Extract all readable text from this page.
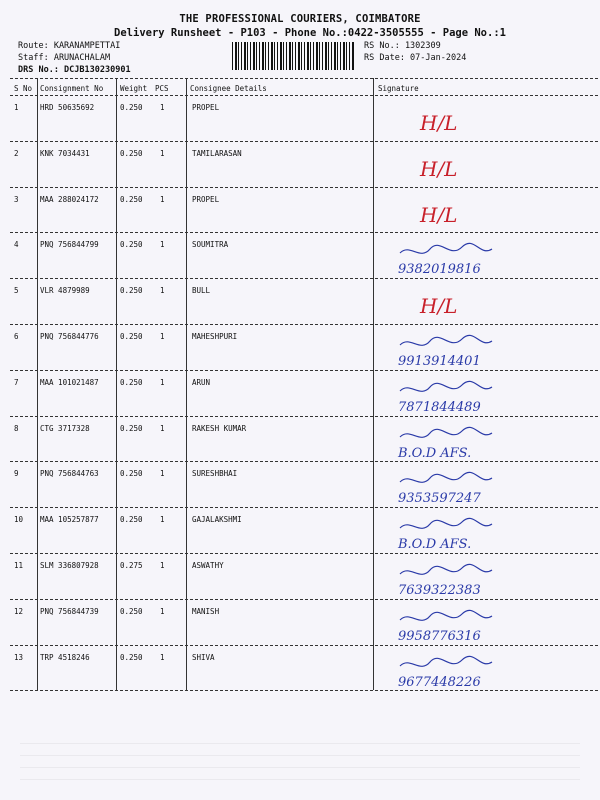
THE PROFESSIONAL COURIERS, COIMBATORE
Delivery Runsheet - P103 - Phone No.:0422-3505555 - Page No.:1
Route: KARANAMPETTAI
Staff: ARUNACHALAM
DRS No.: DCJB130230901
RS No.: 1302309
RS Date: 07-Jan-2024
S No Consignment No Weight PCS	Consignee Details	Signature
1	HRD 50635692	0.250 1	PROPEL
H/L
2	KNK 7034431	0.250 1	TAMILARASAN
H/L
3	MAA 288024172	0.250 1	PROPEL
H/L
4	PNQ 756844799	0.250 1	SOUMITRA
9382019816
5	VLR 4879989	0.250 1	BULL
H/L
6	PNQ 756844776	0.250 1	MAHESHPURI
9913914401
7	MAA 101021487	0.250 1	ARUN
7871844489
8	CTG 3717328	0.250 1	RAKESH KUMAR
B.O.D AFS.
9	PNQ 756844763	0.250 1	SURESHBHAI
9353597247
10 MAA 105257877	0.250 1	GAJALAKSHMI
B.O.D AFS.
11 SLM 336807928	0.275 1	ASWATHY
7639322383
12 PNQ 756844739	0.250 1	MANISH
9958776316
13 TRP 4518246	0.250 1	SHIVA
9677448226
